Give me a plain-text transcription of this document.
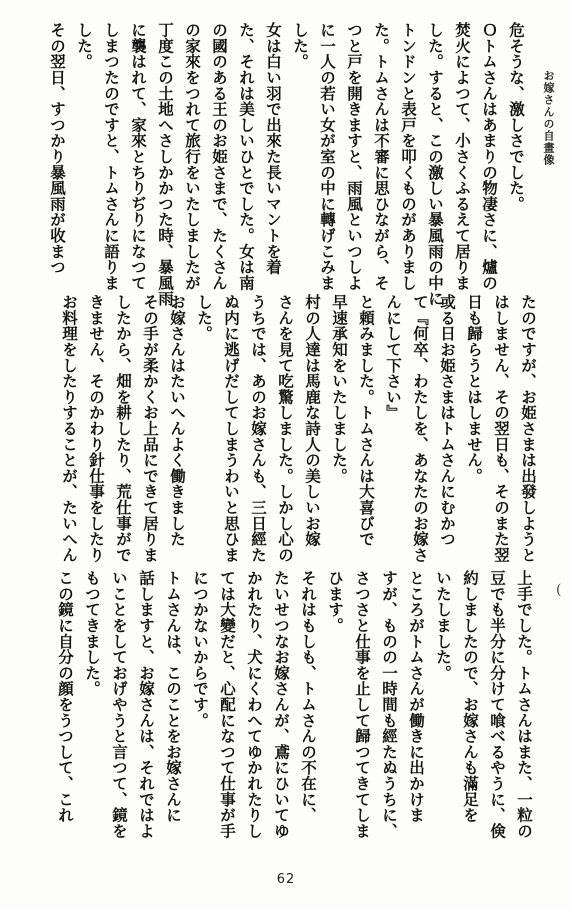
お嫁さんの自畫像
危そうな、激しさでした。
Ｏトムさんはあまりの物凄さに、爐の
焚火によつて、小さくふるえて居りま
した。すると、この激しい暴風雨の中に
トンドンと表戸を叩くものがありまし
た。トムさんは不審に思ひながら、そ
つと戸を開きますと、雨風といつしよ
に一人の若い女が室の中に轉げこみま
した。
女は白い羽で出來た長いマントを着
た、それは美しいひとでした。女は南
の國のある王のお姫さまで、たくさん
の家來をつれて旅行をいたしましたが
丁度この土地へさしかかつた時、暴風雨
に襲はれて、家來とちりぢりになつて
しまつたのですと、トムさんに語りま
した。
その翌日、すつかり暴風雨が收まつ
たのですが、お姫さまは出發しようと
はしません、その翌日も、そのまた翌
日も歸らうとはしません。
或る日お姫さまはトムさんにむかつ
て『何卒、わたしを、あなたのお嫁さ
んにして下さい』
と頼みました。トムさんは大喜びで
早速承知をいたしました。
村の人達は馬鹿な詩人の美しいお嫁
さんを見て吃驚しました。しかし心の
うちでは、あのお嫁さんも、三日經た
ぬ内に逃げだしてしまうわいと思ひま
した。
お嫁さんはたいへんよく働きました
その手が柔かくお上品にできて居りま
したから、畑を耕したり、荒仕事がで
きません、そのかわり針仕事をしたり
お料理をしたりすることが、たいへん
上手でした。トムさんはまた、一粒の
豆でも半分に分けて喰べるやうに、倹
約しましたので、お嫁さんも滿足を
いたしました。
ところがトムさんが働きに出かけま
すが、ものの一時間も經たぬうちに、
さつさと仕事を止して歸つてきてしま
ひます。
それはもしも、トムさんの不在に、
たいせつなお嫁さんが、鳶にひいてゆ
かれたり、犬にくわへてゆかれたりし
ては大變だと、心配になつて仕事が手
につかないからです。
トムさんは、このことをお嫁さんに
話しますと、お嫁さんは、それではよ
いことをしておげやうと言つて、鏡を
もつてきました。
この鏡に自分の顔をうつして、これ	(
62
